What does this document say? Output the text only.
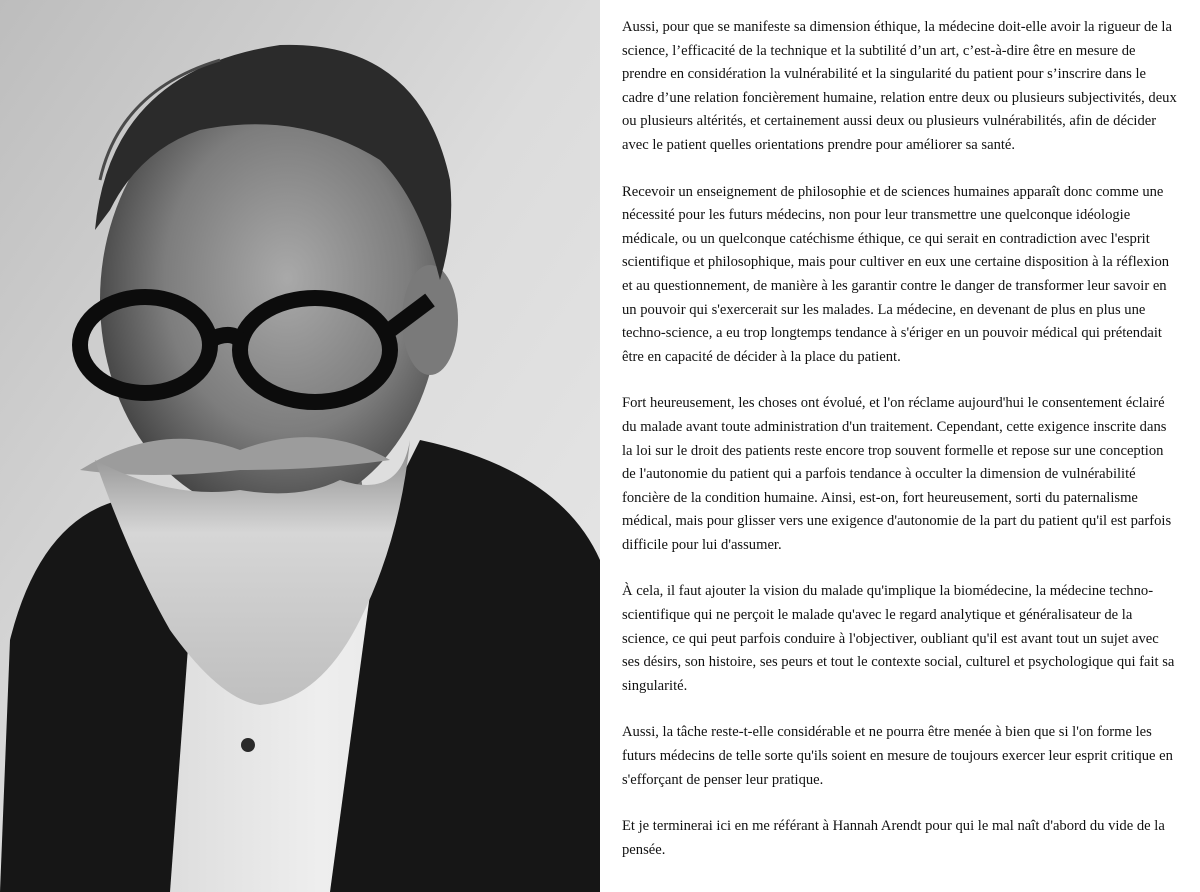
Aussi, pour que se manifeste sa dimension éthique, la médecine doit-elle avoir la rigueur de la science, l’efficacité de la technique et la subtilité d’un art, c’est-à-dire être en mesure de prendre en considération la vulnérabilité et la singularité du patient pour s’inscrire dans le cadre d’une relation foncièrement humaine, relation entre deux ou plusieurs subjectivités, deux ou plusieurs altérités, et certainement aussi deux ou plusieurs vulnérabilités, afin de décider avec le patient quelles orientations prendre pour améliorer sa santé.

Recevoir un enseignement de philosophie et de sciences humaines apparaît donc comme une nécessité pour les futurs médecins, non pour leur transmettre une quelconque idéologie médicale, ou un quelconque catéchisme éthique, ce qui serait en contradiction avec l'esprit scientifique et philosophique, mais pour cultiver en eux une certaine disposition à la réflexion et au questionnement, de manière à les garantir contre le danger de transformer leur savoir en un pouvoir qui s'exercerait sur les malades. La médecine, en devenant de plus en plus une techno-science, a eu trop longtemps tendance à s'ériger en un pouvoir médical qui prétendait être en capacité de décider à la place du patient.

Fort heureusement, les choses ont évolué, et l'on réclame aujourd'hui le consentement éclairé du malade avant toute administration d'un traitement. Cependant, cette exigence inscrite dans la loi sur le droit des patients reste encore trop souvent formelle et repose sur une conception de l'autonomie du patient qui a parfois tendance à occulter la dimension de vulnérabilité foncière de la condition humaine. Ainsi, est-on, fort heureusement, sorti du paternalisme médical, mais pour glisser vers une exigence d'autonomie de la part du patient qu'il est parfois difficile pour lui d'assumer.

À cela, il faut ajouter la vision du malade qu'implique la biomédecine, la médecine techno-scientifique qui ne perçoit le malade qu'avec le regard analytique et généralisateur de la science, ce qui peut parfois conduire à l'objectiver, oubliant qu'il est avant tout un sujet avec ses désirs, son histoire, ses peurs et tout le contexte social, culturel et psychologique qui fait sa singularité.

Aussi, la tâche reste-t-elle considérable et ne pourra être menée à bien que si l'on forme les futurs médecins de telle sorte qu'ils soient en mesure de toujours exercer leur esprit critique en s'efforçant de penser leur pratique.

Et je terminerai ici en me référant à Hannah Arendt pour qui le mal naît d'abord du vide de la pensée.
